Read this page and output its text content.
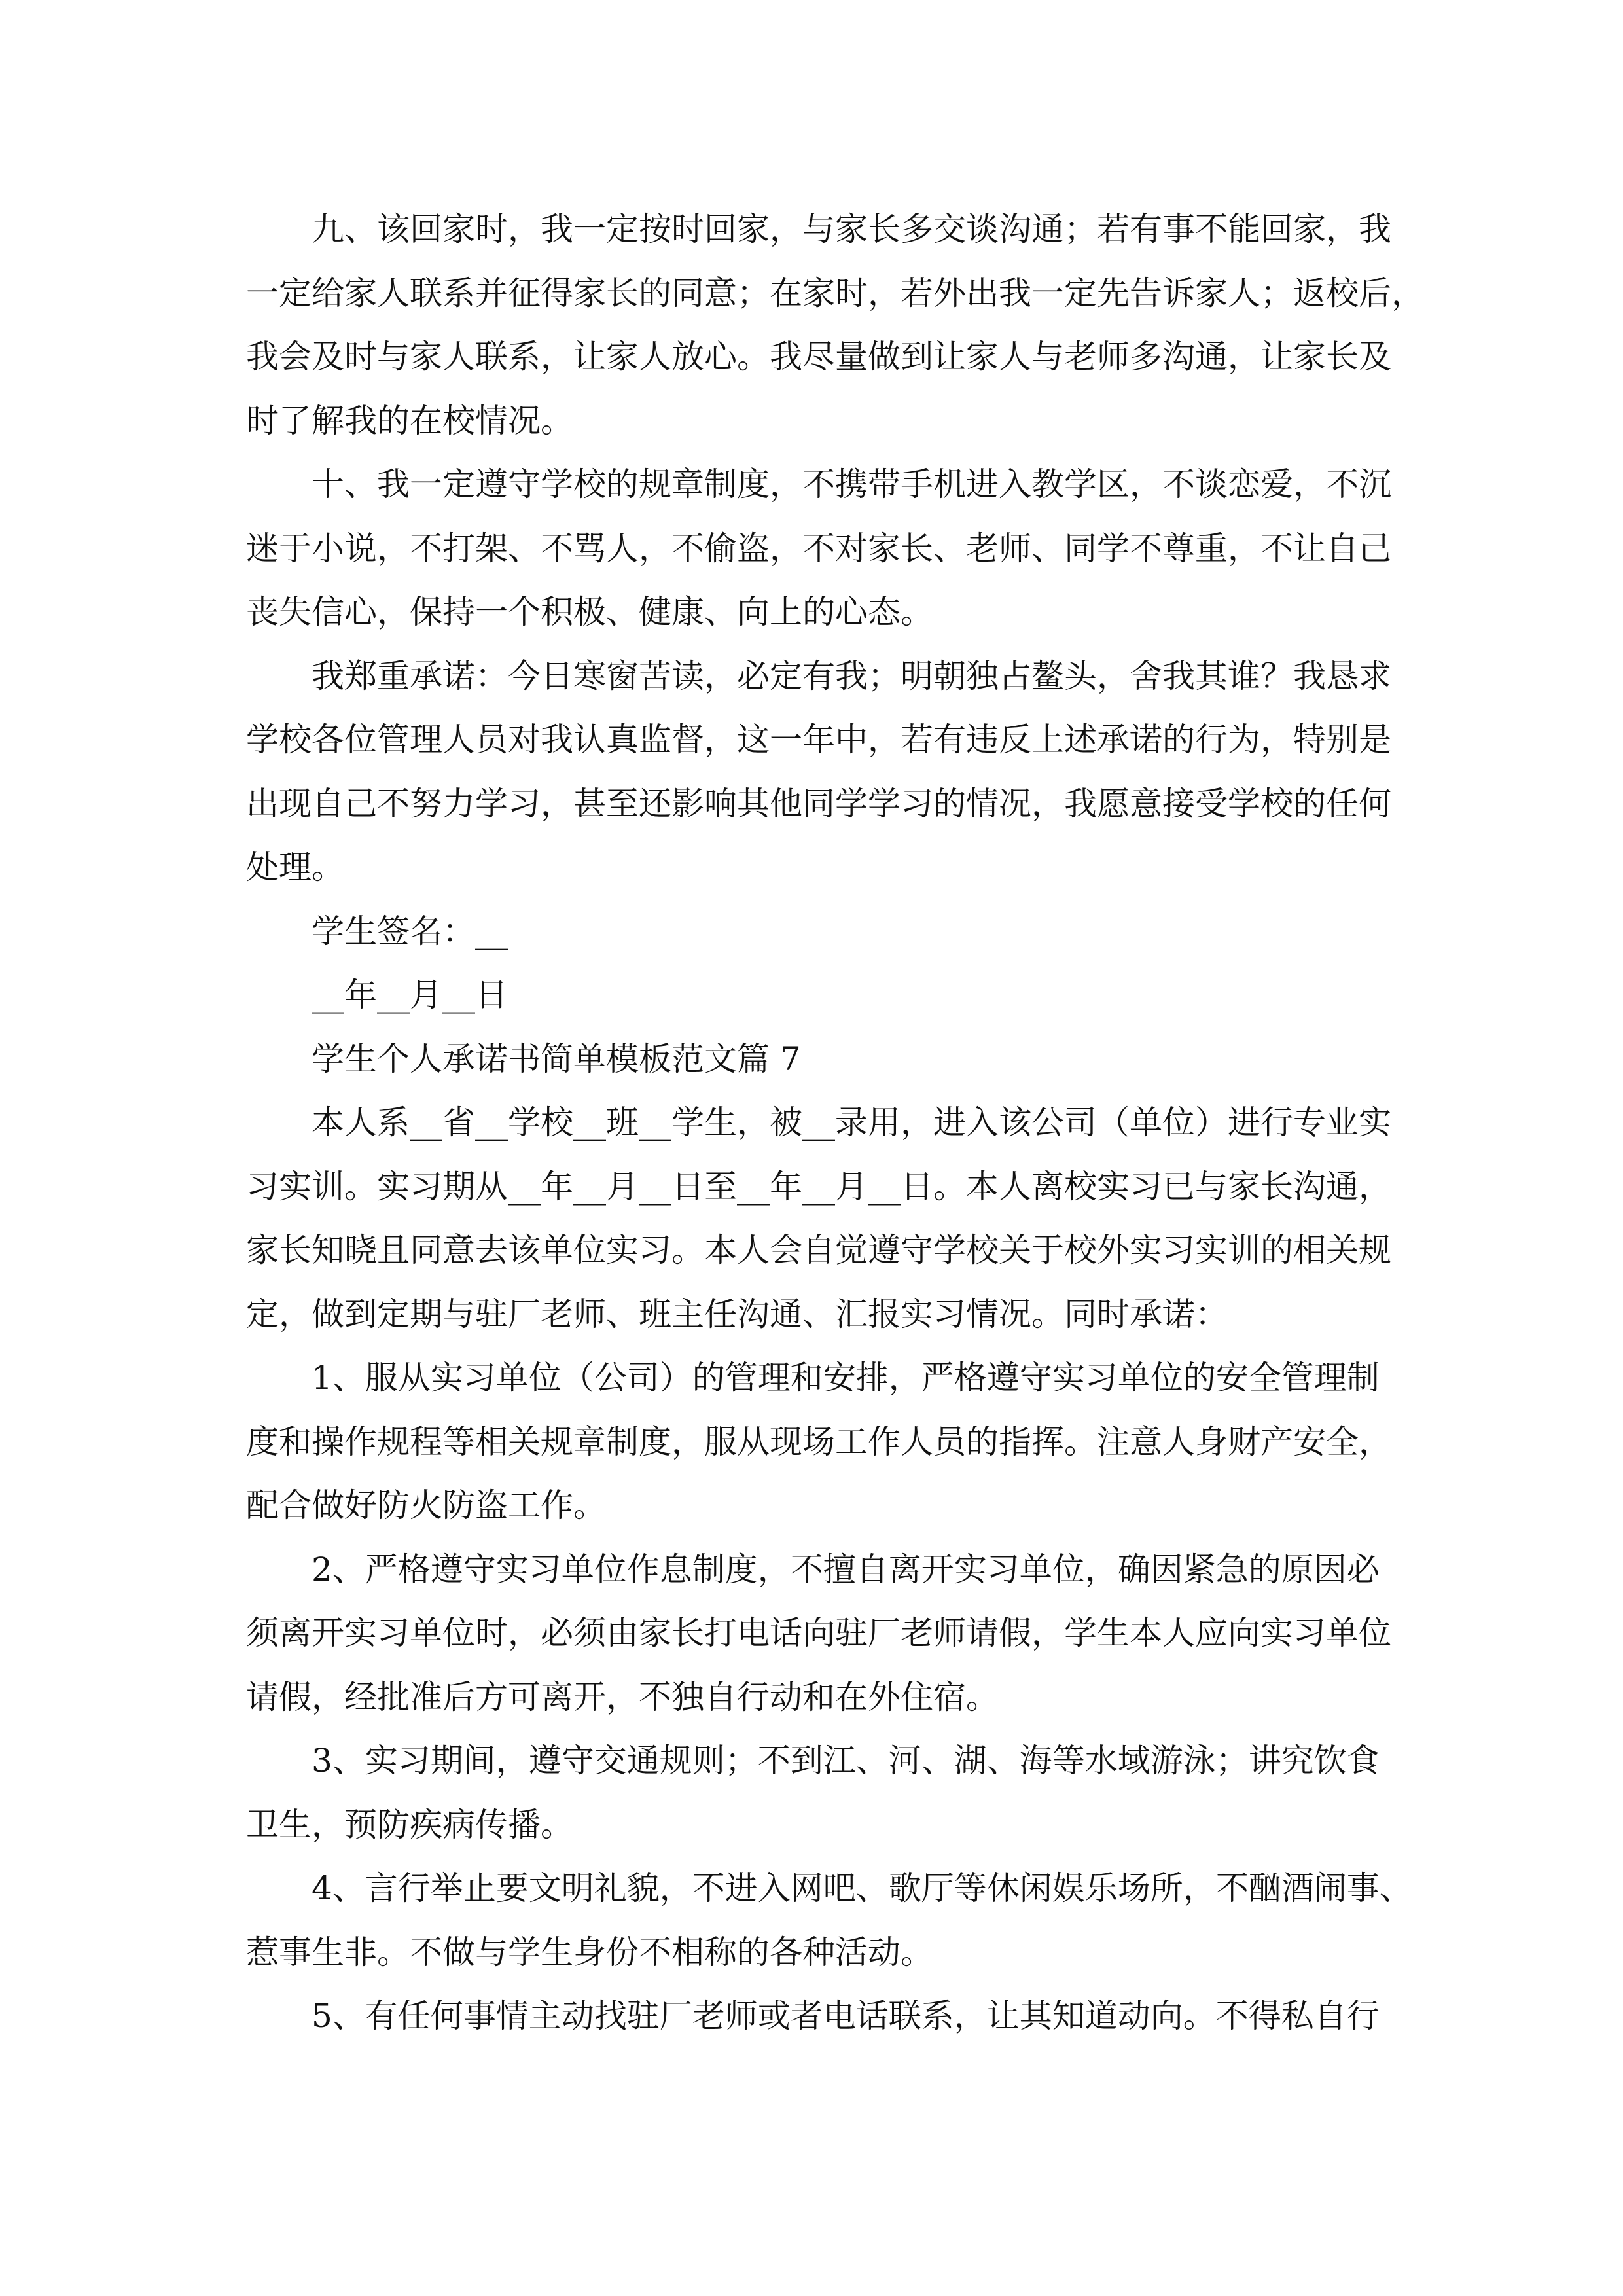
九、该回家时，我一定按时回家，与家长多交谈沟通；若有事不能回家，我
一定给家人联系并征得家长的同意；在家时，若外出我一定先告诉家人；返校后，
我会及时与家人联系，让家人放心。我尽量做到让家人与老师多沟通，让家长及
时了解我的在校情况。
十、我一定遵守学校的规章制度，不携带手机进入教学区，不谈恋爱，不沉
迷于小说，不打架、不骂人，不偷盗，不对家长、老师、同学不尊重，不让自己
丧失信心，保持一个积极、健康、向上的心态。
我郑重承诺：今日寒窗苦读，必定有我；明朝独占鳌头，舍我其谁？我恳求
学校各位管理人员对我认真监督，这一年中，若有违反上述承诺的行为，特别是
出现自己不努力学习，甚至还影响其他同学学习的情况，我愿意接受学校的任何
处理。
学生签名：__
__年__月__日
学生个人承诺书简单模板范文篇 7
本人系__省__学校__班__学生，被__录用，进入该公司（单位）进行专业实
习实训。实习期从__年__月__日至__年__月__日。本人离校实习已与家长沟通，
家长知晓且同意去该单位实习。本人会自觉遵守学校关于校外实习实训的相关规
定，做到定期与驻厂老师、班主任沟通、汇报实习情况。同时承诺：
1、服从实习单位（公司）的管理和安排，严格遵守实习单位的安全管理制
度和操作规程等相关规章制度，服从现场工作人员的指挥。注意人身财产安全，
配合做好防火防盗工作。
2、严格遵守实习单位作息制度，不擅自离开实习单位，确因紧急的原因必
须离开实习单位时，必须由家长打电话向驻厂老师请假，学生本人应向实习单位
请假，经批准后方可离开，不独自行动和在外住宿。
3、实习期间，遵守交通规则；不到江、河、湖、海等水域游泳；讲究饮食
卫生，预防疾病传播。
4、言行举止要文明礼貌，不进入网吧、歌厅等休闲娱乐场所，不酗酒闹事、
惹事生非。不做与学生身份不相称的各种活动。
5、有任何事情主动找驻厂老师或者电话联系，让其知道动向。不得私自行
